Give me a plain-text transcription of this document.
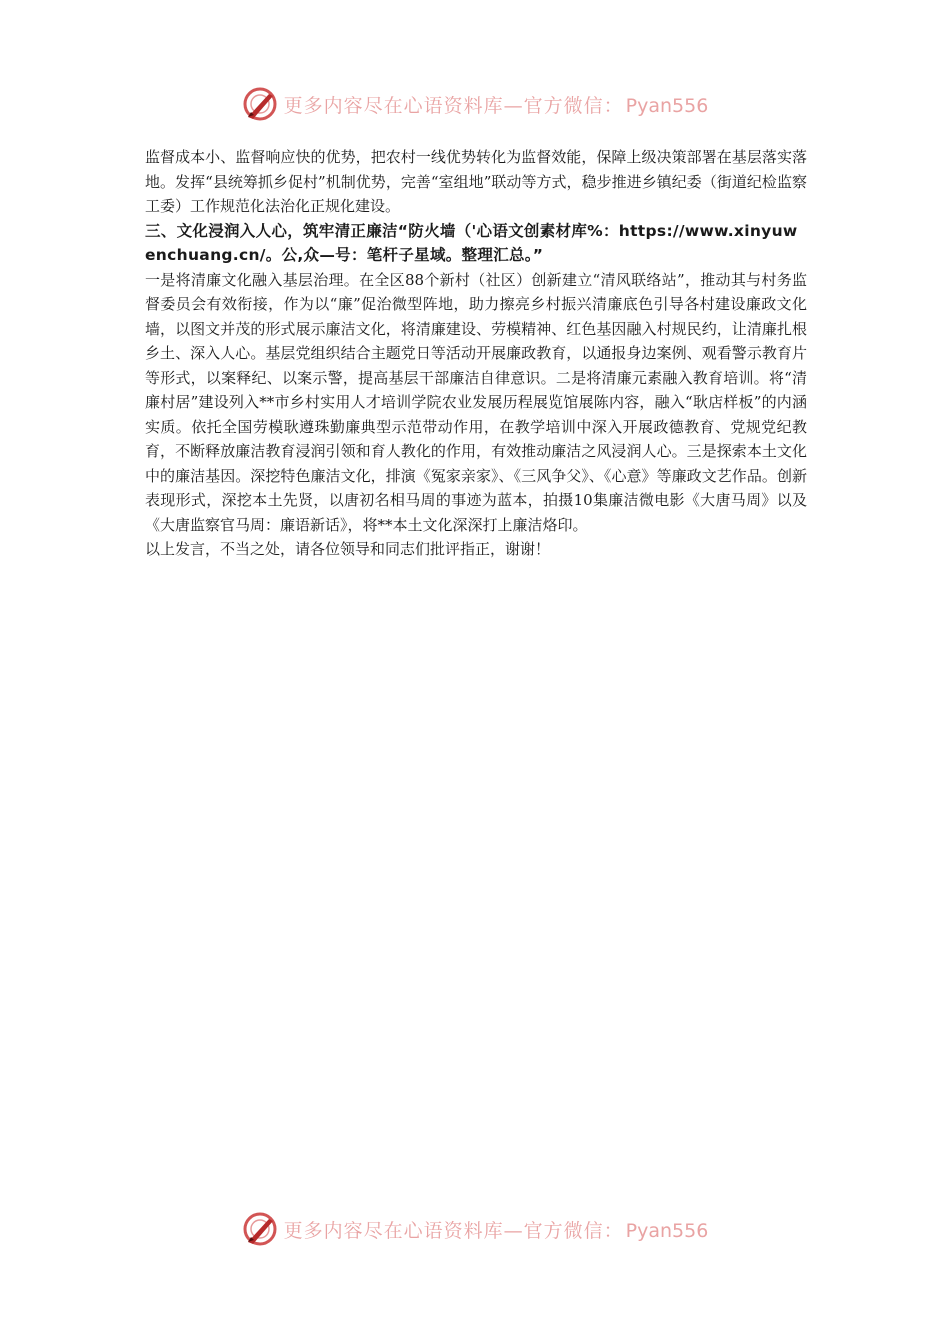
更多内容尽在心语资料库—官方微信： Pyan556

监督成本小、监督响应快的优势，把农村一线优势转化为监督效能，保障上级决策部署在基层落实落地。发挥“县统筹抓乡促村”机制优势，完善“室组地”联动等方式，稳步推进乡镇纪委（街道纪检监察工委）工作规范化法治化正规化建设。

三、文化浸润入人心，筑牢清正廉洁“防火墙（'心语文创素材库%：https://www.xinyuwenchuang.cn/。公,众—号：笔杆子星域。整理汇总。”

一是将清廉文化融入基层治理。在全区88个新村（社区）创新建立“清风联络站”，推动其与村务监督委员会有效衔接，作为以“廉”促治微型阵地，助力擦亮乡村振兴清廉底色引导各村建设廉政文化墙，以图文并茂的形式展示廉洁文化，将清廉建设、劳模精神、红色基因融入村规民约，让清廉扎根乡土、深入人心。基层党组织结合主题党日等活动开展廉政教育，以通报身边案例、观看警示教育片等形式，以案释纪、以案示警，提高基层干部廉洁自律意识。二是将清廉元素融入教育培训。将“清廉村居”建设列入**市乡村实用人才培训学院农业发展历程展览馆展陈内容，融入“耿店样板”的内涵实质。依托全国劳模耿遵珠勤廉典型示范带动作用，在教学培训中深入开展政德教育、党规党纪教育，不断释放廉洁教育浸润引领和育人教化的作用，有效推动廉洁之风浸润人心。三是探索本土文化中的廉洁基因。深挖特色廉洁文化，排演《冤家亲家》、《三风争父》、《心意》等廉政文艺作品。创新表现形式，深挖本土先贤，以唐初名相马周的事迹为蓝本，拍摄10集廉洁微电影《大唐马周》以及《大唐监察官马周：廉语新话》，将**本土文化深深打上廉洁烙印。

以上发言，不当之处，请各位领导和同志们批评指正，谢谢！

更多内容尽在心语资料库—官方微信： Pyan556
